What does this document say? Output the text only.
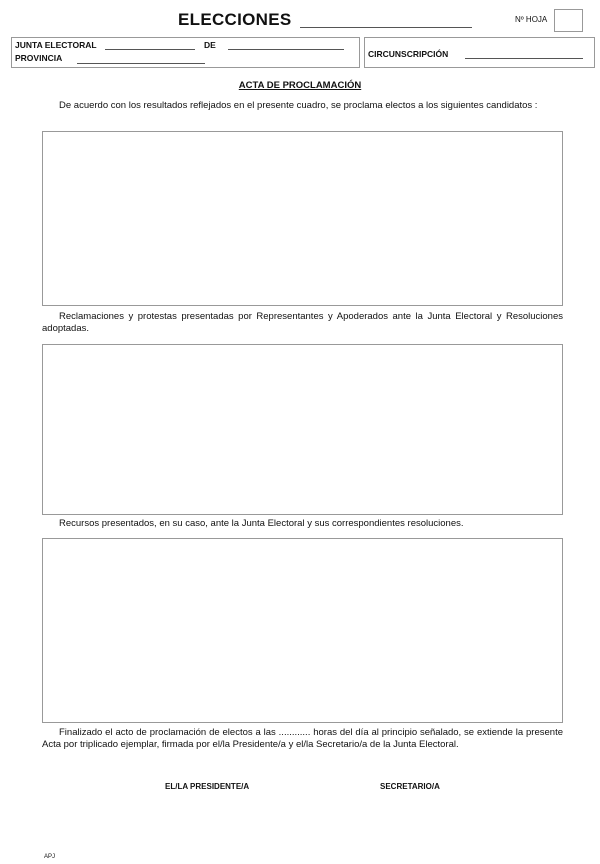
ELECCIONES	Nº HOJA
JUNTA ELECTORAL	DE
PROVINCIA	CIRCUNSCRIPCIÓN
ACTA DE PROCLAMACIÓN
De acuerdo con los resultados reflejados en el presente cuadro, se proclama electos a los siguientes candidatos :
Reclamaciones y protestas presentadas por Representantes y Apoderados ante la Junta Electoral y Resoluciones adoptadas.
Recursos presentados, en su caso, ante la Junta Electoral y sus correspondientes resoluciones.
Finalizado el acto de proclamación de electos a las ............ horas del día al principio señalado, se extiende la presente Acta por triplicado ejemplar, firmada por el/la Presidente/a y el/la Secretario/a de la Junta Electoral.
EL/LA PRESIDENTE/A	SECRETARIO/A
APJ
